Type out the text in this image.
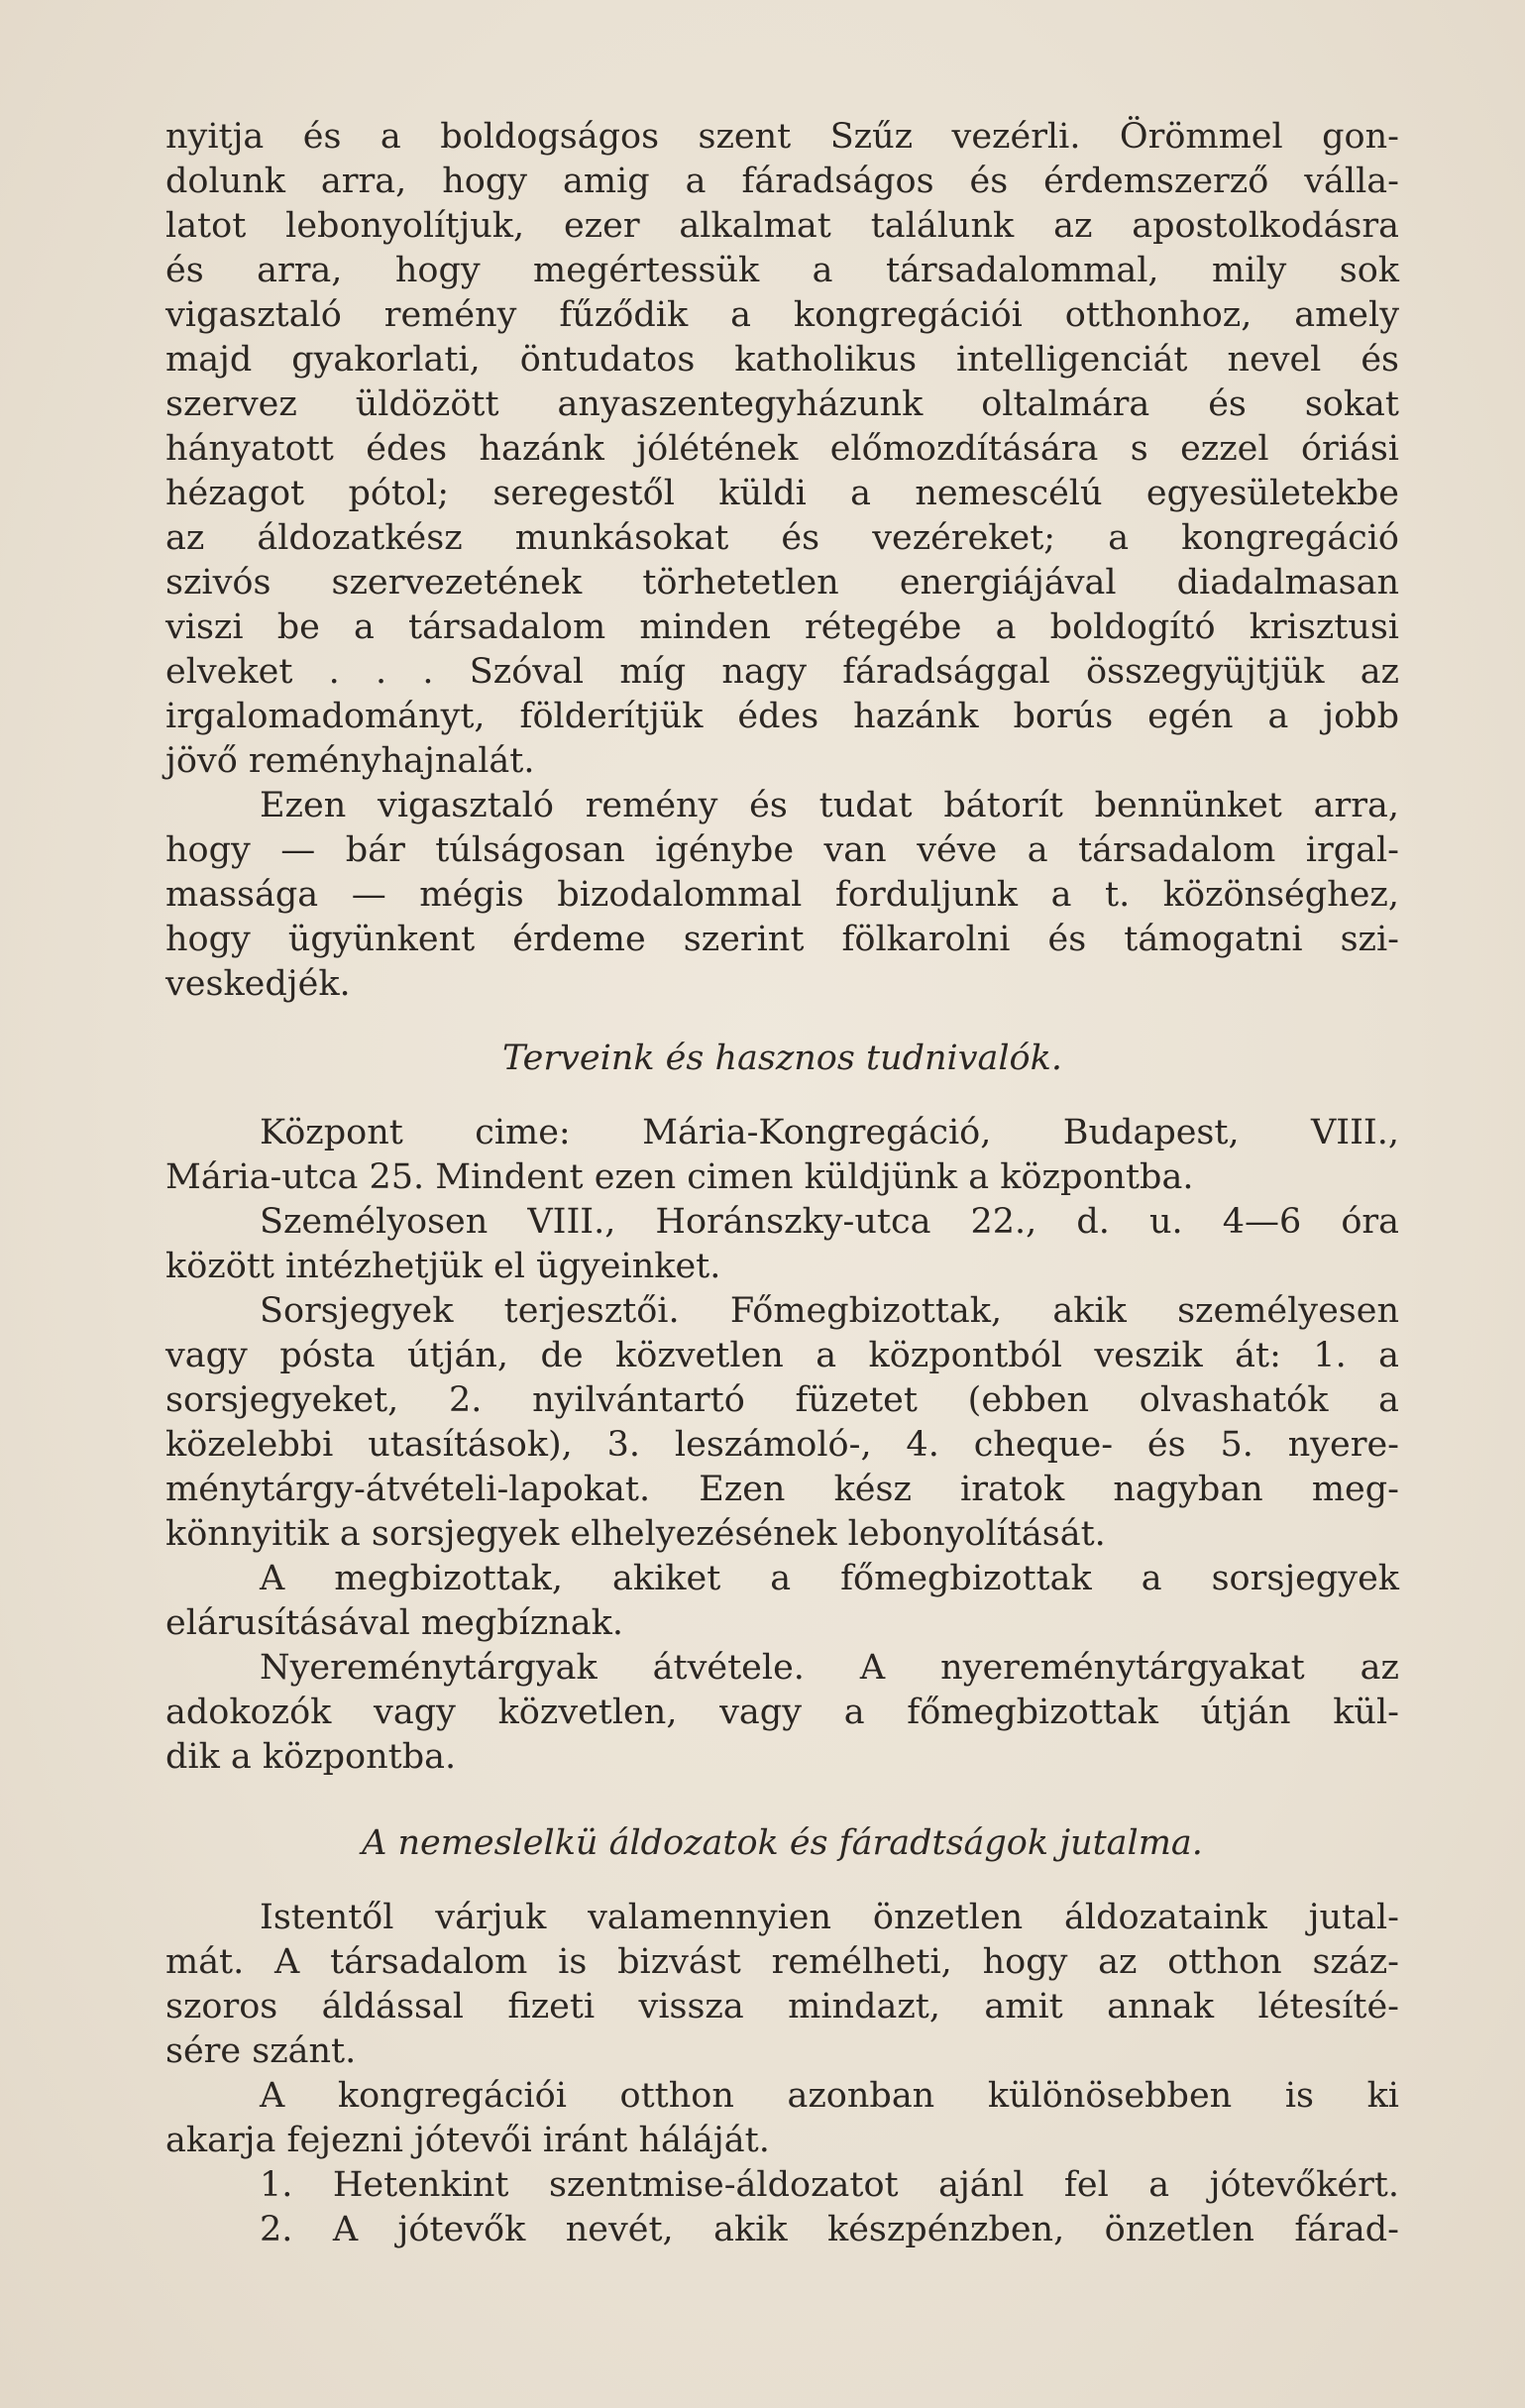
nyitja és a boldogságos szent Szűz vezérli. Örömmel gon-
dolunk arra, hogy amig a fáradságos és érdemszerző válla-
latot lebonyolítjuk, ezer alkalmat találunk az apostolkodásra
és arra, hogy megértessük a társadalommal, mily sok
vigasztaló remény fűződik a kongregációi otthonhoz, amely
majd gyakorlati, öntudatos katholikus intelligenciát nevel és
szervez üldözött anyaszentegyházunk oltalmára és sokat
hányatott édes hazánk jólétének előmozdítására s ezzel óriási
hézagot pótol; seregestől küldi a nemescélú egyesületekbe
az áldozatkész munkásokat és vezéreket; a kongregáció
szivós szervezetének törhetetlen energiájával diadalmasan
viszi be a társadalom minden rétegébe a boldogító krisztusi
elveket . . . Szóval míg nagy fáradsággal összegyüjtjük az
irgalomadományt, földerítjük édes hazánk borús egén a jobb
jövő reményhajnalát.
Ezen vigasztaló remény és tudat bátorít bennünket arra,
hogy — bár túlságosan igénybe van véve a társadalom irgal-
massága — mégis bizodalommal forduljunk a t. közönséghez,
hogy ügyünkent érdeme szerint fölkarolni és támogatni szi-
veskedjék.
Terveink és hasznos tudnivalók.
Központ cime: Mária-Kongregáció, Budapest, VIII.,
Mária-utca 25. Mindent ezen cimen küldjünk a központba.
Személyosen VIII., Horánszky-utca 22., d. u. 4—6 óra
között intézhetjük el ügyeinket.
Sorsjegyek terjesztői. Főmegbizottak, akik személyesen
vagy pósta útján, de közvetlen a központból veszik át: 1. a
sorsjegyeket, 2. nyilvántartó füzetet (ebben olvashatók a
közelebbi utasítások), 3. leszámoló-, 4. cheque- és 5. nyere-
ménytárgy-átvételi-lapokat. Ezen kész iratok nagyban meg-
könnyitik a sorsjegyek elhelyezésének lebonyolítását.
A megbizottak, akiket a főmegbizottak a sorsjegyek
elárusításával megbíznak.
Nyereménytárgyak átvétele. A nyereménytárgyakat az
adokozók vagy közvetlen, vagy a főmegbizottak útján kül-
dik a központba.
A nemeslelkü áldozatok és fáradtságok jutalma.
Istentől várjuk valamennyien önzetlen áldozataink jutal-
mát. A társadalom is bizvást remélheti, hogy az otthon száz-
szoros áldással fizeti vissza mindazt, amit annak létesíté-
sére szánt.
A kongregációi otthon azonban különösebben is ki
akarja fejezni jótevői iránt háláját.
1. Hetenkint szentmise-áldozatot ajánl fel a jótevőkért.
2. A jótevők nevét, akik készpénzben, önzetlen fárad-
